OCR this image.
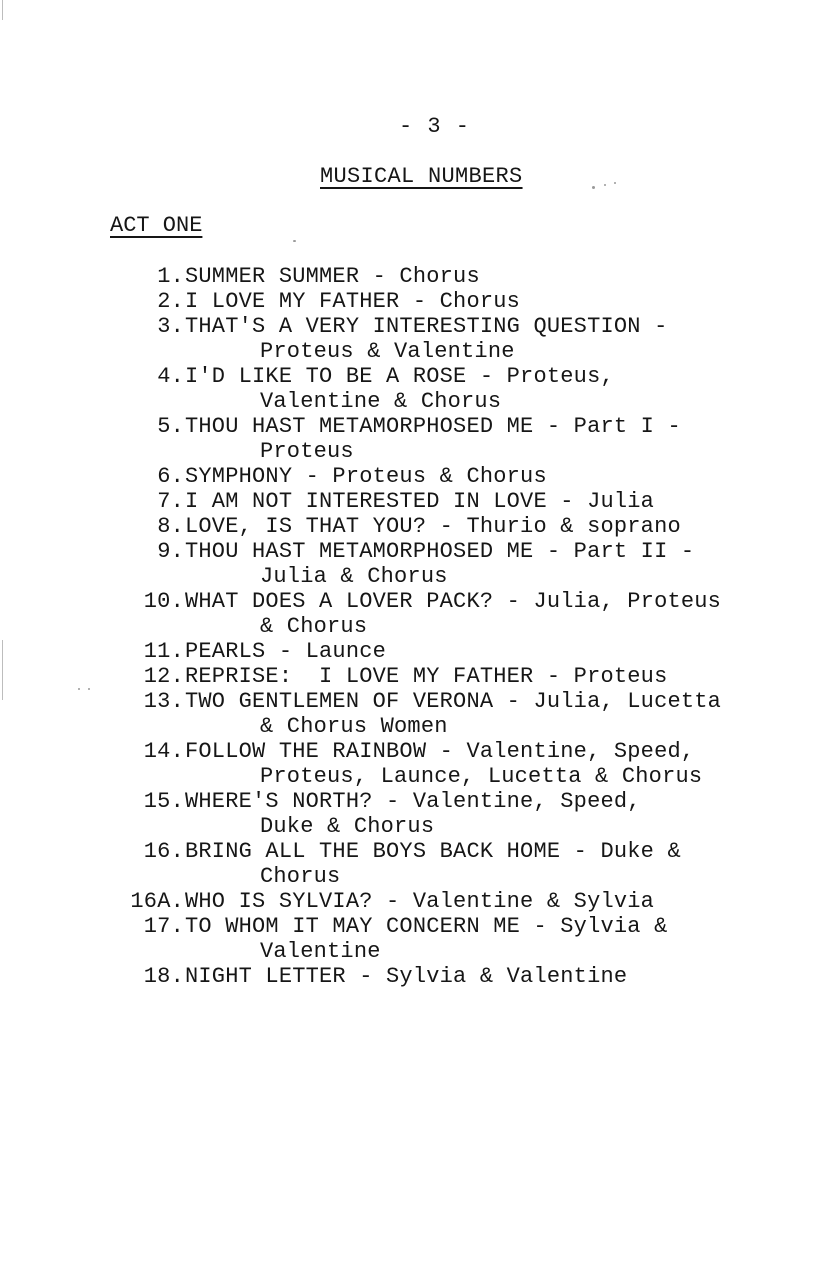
- 3 -
MUSICAL NUMBERS
ACT ONE
1. SUMMER SUMMER - Chorus
2. I LOVE MY FATHER - Chorus
3. THAT'S A VERY INTERESTING QUESTION -
Proteus & Valentine
4. I'D LIKE TO BE A ROSE - Proteus,
Valentine & Chorus
5. THOU HAST METAMORPHOSED ME - Part I -
Proteus
6. SYMPHONY - Proteus & Chorus
7. I AM NOT INTERESTED IN LOVE - Julia
8. LOVE, IS THAT YOU? - Thurio & soprano
9. THOU HAST METAMORPHOSED ME - Part II -
Julia & Chorus
10. WHAT DOES A LOVER PACK? - Julia, Proteus
& Chorus
11. PEARLS - Launce
12. REPRISE:  I LOVE MY FATHER - Proteus
13. TWO GENTLEMEN OF VERONA - Julia, Lucetta
& Chorus Women
14. FOLLOW THE RAINBOW - Valentine, Speed,
Proteus, Launce, Lucetta & Chorus
15. WHERE'S NORTH? - Valentine, Speed,
Duke & Chorus
16. BRING ALL THE BOYS BACK HOME - Duke &
Chorus
16A. WHO IS SYLVIA? - Valentine & Sylvia
17. TO WHOM IT MAY CONCERN ME - Sylvia &
Valentine
18. NIGHT LETTER - Sylvia & Valentine
